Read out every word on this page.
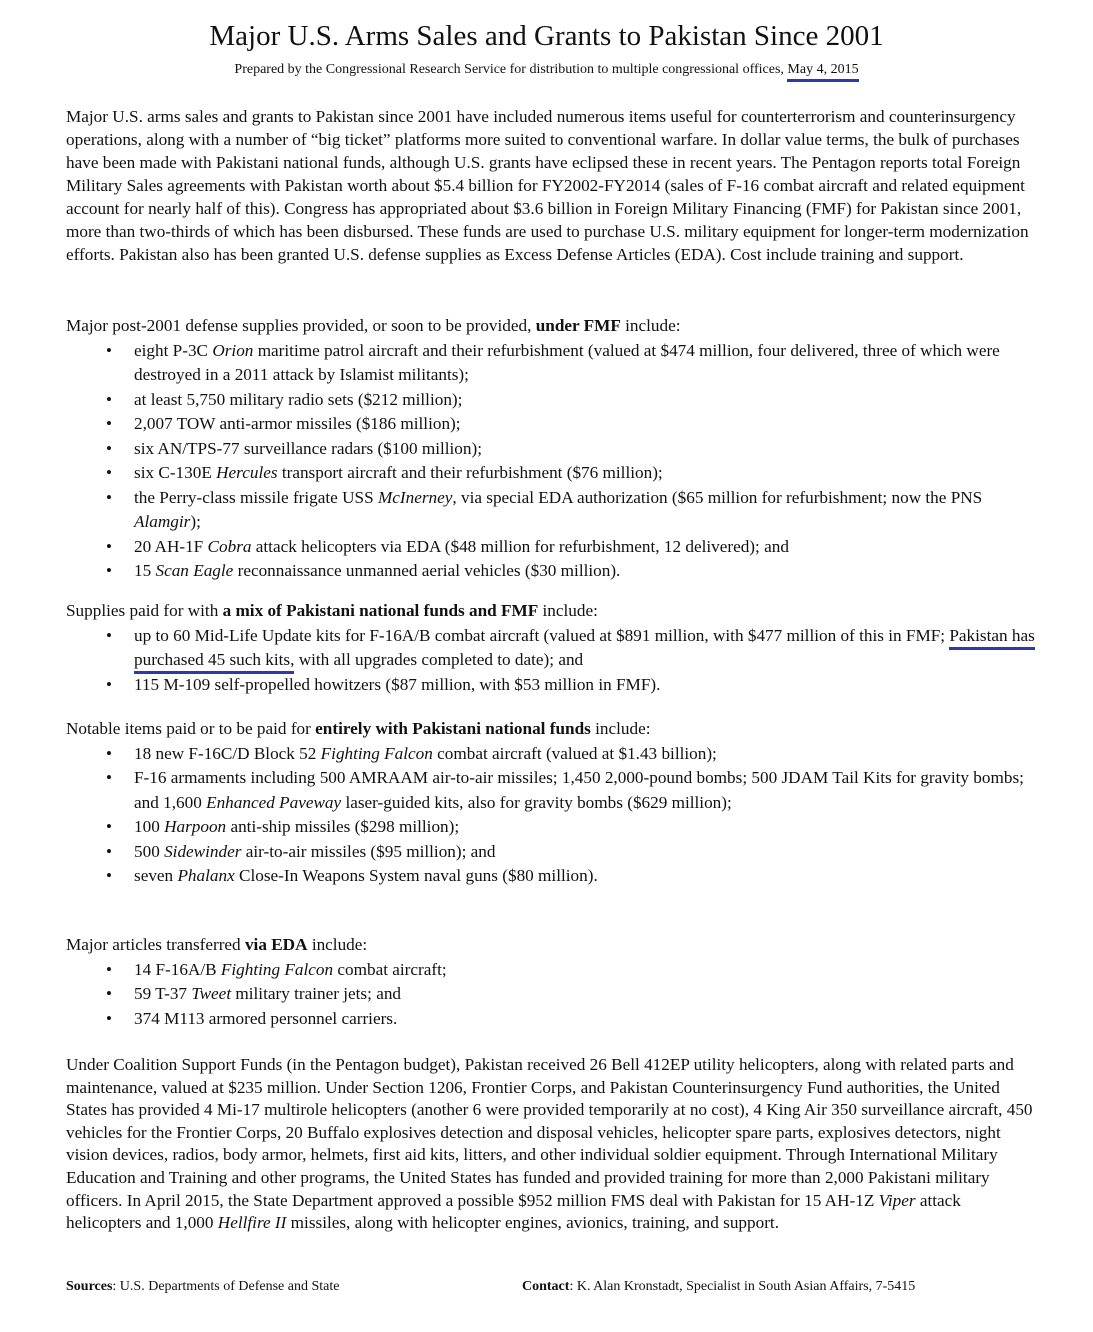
Major U.S. Arms Sales and Grants to Pakistan Since 2001
Prepared by the Congressional Research Service for distribution to multiple congressional offices, May 4, 2015

Major U.S. arms sales and grants to Pakistan since 2001 have included numerous items useful for counterterrorism and counterinsurgency operations, along with a number of “big ticket” platforms more suited to conventional warfare. In dollar value terms, the bulk of purchases have been made with Pakistani national funds, although U.S. grants have eclipsed these in recent years. The Pentagon reports total Foreign Military Sales agreements with Pakistan worth about $5.4 billion for FY2002-FY2014 (sales of F-16 combat aircraft and related equipment account for nearly half of this). Congress has appropriated about $3.6 billion in Foreign Military Financing (FMF) for Pakistan since 2001, more than two-thirds of which has been disbursed. These funds are used to purchase U.S. military equipment for longer-term modernization efforts. Pakistan also has been granted U.S. defense supplies as Excess Defense Articles (EDA). Cost include training and support.

Major post-2001 defense supplies provided, or soon to be provided, under FMF include:

• eight P-3C Orion maritime patrol aircraft and their refurbishment (valued at $474 million, four delivered, three of which were destroyed in a 2011 attack by Islamist militants);
• at least 5,750 military radio sets ($212 million);
• 2,007 TOW anti-armor missiles ($186 million);
• six AN/TPS-77 surveillance radars ($100 million);
• six C-130E Hercules transport aircraft and their refurbishment ($76 million);
• the Perry-class missile frigate USS McInerney, via special EDA authorization ($65 million for refurbishment; now the PNS Alamgir);
• 20 AH-1F Cobra attack helicopters via EDA ($48 million for refurbishment, 12 delivered); and
• 15 Scan Eagle reconnaissance unmanned aerial vehicles ($30 million).

Supplies paid for with a mix of Pakistani national funds and FMF include:

• up to 60 Mid-Life Update kits for F-16A/B combat aircraft (valued at $891 million, with $477 million of this in FMF; Pakistan has purchased 45 such kits, with all upgrades completed to date); and
• 115 M-109 self-propelled howitzers ($87 million, with $53 million in FMF).

Notable items paid or to be paid for entirely with Pakistani national funds include:

• 18 new F-16C/D Block 52 Fighting Falcon combat aircraft (valued at $1.43 billion);
• F-16 armaments including 500 AMRAAM air-to-air missiles; 1,450 2,000-pound bombs; 500 JDAM Tail Kits for gravity bombs; and 1,600 Enhanced Paveway laser-guided kits, also for gravity bombs ($629 million);
• 100 Harpoon anti-ship missiles ($298 million);
• 500 Sidewinder air-to-air missiles ($95 million); and
• seven Phalanx Close-In Weapons System naval guns ($80 million).

Major articles transferred via EDA include:

• 14 F-16A/B Fighting Falcon combat aircraft;
• 59 T-37 Tweet military trainer jets; and
• 374 M113 armored personnel carriers.

Under Coalition Support Funds (in the Pentagon budget), Pakistan received 26 Bell 412EP utility helicopters, along with related parts and maintenance, valued at $235 million. Under Section 1206, Frontier Corps, and Pakistan Counterinsurgency Fund authorities, the United States has provided 4 Mi-17 multirole helicopters (another 6 were provided temporarily at no cost), 4 King Air 350 surveillance aircraft, 450 vehicles for the Frontier Corps, 20 Buffalo explosives detection and disposal vehicles, helicopter spare parts, explosives detectors, night vision devices, radios, body armor, helmets, first aid kits, litters, and other individual soldier equipment. Through International Military Education and Training and other programs, the United States has funded and provided training for more than 2,000 Pakistani military officers. In April 2015, the State Department approved a possible $952 million FMS deal with Pakistan for 15 AH-1Z Viper attack helicopters and 1,000 Hellfire II missiles, along with helicopter engines, avionics, training, and support.

Sources: U.S. Departments of Defense and State	Contact: K. Alan Kronstadt, Specialist in South Asian Affairs, 7-5415
